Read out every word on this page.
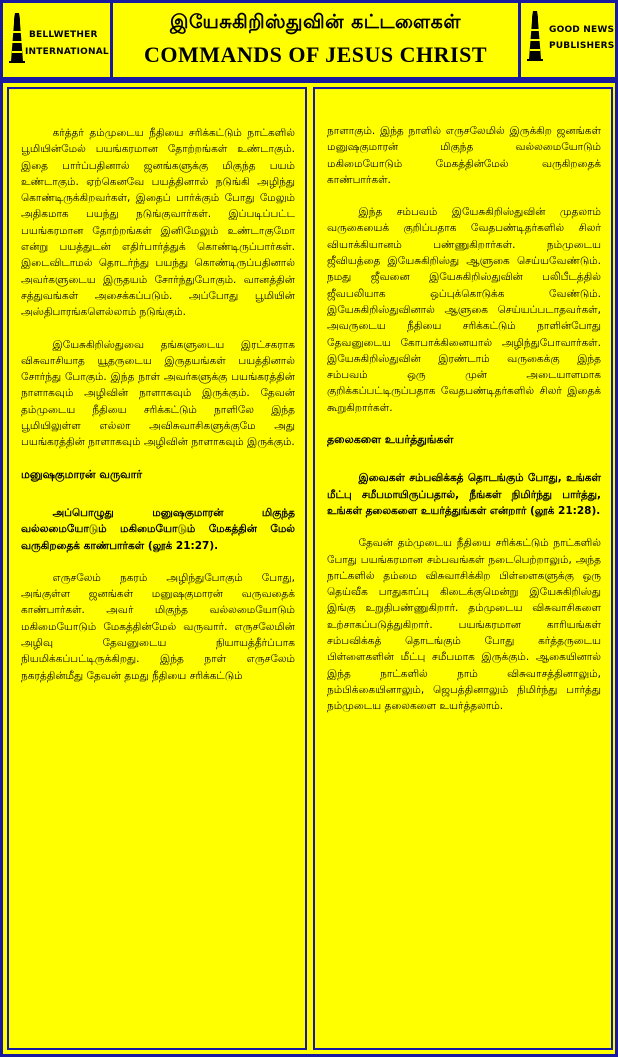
BELLWETHER
INTERNATIONAL
இயேசுகிறிஸ்துவின் கட்டளைகள்
COMMANDS OF JESUS CHRIST
GOOD NEWS
PUBLISHERS

கர்த்தர் தம்முடைய நீதியை சரிக்கட்டும் நாட்களில் பூமியின்மேல் பயங்கரமான தோற்றங்கள் உண்டாகும். இதை பார்ப்பதினால் ஜனங்களுக்கு மிகுந்த பயம் உண்டாகும். ஏற்கெனவே பயத்தினால் நடுங்கி அழிந்து கொண்டிருக்கிறவர்கள், இதைப் பார்க்கும் போது மேலும் அதிகமாக பயந்து நடுங்குவார்கள். இப்படிப்பட்ட பயங்கரமான தோற்றங்கள் இனிமேலும் உண்டாகுமோ என்று பயத்துடன் எதிர்பார்த்துக் கொண்டிருப்பார்கள். இடைவிடாமல் தொடர்ந்து பயந்து கொண்டிருப்பதினால் அவர்களுடைய இருதயம் சோர்ந்துபோகும். வானத்தின் சத்துவங்கள் அசைக்கப்படும். அப்போது பூமியின் அஸ்திபாரங்களெல்லாம் நடுங்கும்.

இயேசுகிறிஸ்துவை தங்களுடைய இரட்சகராக விசுவாசியாத யூதருடைய இருதயங்கள் பயத்தினால் சோர்ந்து போகும். இந்த நாள் அவர்களுக்கு பயங்கரத்தின் நாளாகவும் அழிவின் நாளாகவும் இருக்கும். தேவன் தம்முடைய நீதியை சரிக்கட்டும் நாளிலே இந்த பூமியிலுள்ள எல்லா அவிசுவாசிகளுக்குமே அது பயங்கரத்தின் நாளாகவும் அழிவின் நாளாகவும் இருக்கும்.

மனுஷகுமாரன் வருவார்

அப்பொழுது மனுஷகுமாரன் மிகுந்த வல்லமையோடும் மகிமையோடும் மேகத்தின் மேல் வருகிறதைக் காண்பார்கள் (லூக் 21:27).

எருசலேம் நகரம் அழிந்துபோகும் போது, அங்குள்ள ஜனங்கள் மனுஷகுமாரன் வருவதைக் காண்பார்கள். அவர் மிகுந்த வல்லமையோடும் மகிமையோடும் மேகத்தின்மேல் வருவார். எருசலேமின் அழிவு தேவனுடைய நியாயத்தீர்ப்பாக நியமிக்கப்பட்டிருக்கிறது. இந்த நாள் எருசலேம் நகரத்தின்மீது தேவன் தமது நீதியை சரிக்கட்டும்

நாளாகும். இந்த நாளில் எருசலேமில் இருக்கிற ஜனங்கள் மனுஷகுமாரன் மிகுந்த வல்லமையோடும் மகிமையோடும் மேகத்தின்மேல் வருகிறதைக் காண்பார்கள்.

இந்த சம்பவம் இயேசுகிறிஸ்துவின் முதலாம் வருகையைக் குறிப்பதாக வேதபண்டிதர்களில் சிலர் வியாக்கியானம் பண்ணுகிறார்கள். நம்முடைய ஜீவியத்தை இயேசுகிறிஸ்து ஆளுகை செய்யவேண்டும். நமது ஜீவனை இயேசுகிறிஸ்துவின் பலிபீடத்தில் ஜீவபலியாக ஒப்புக்கொடுக்க வேண்டும். இயேசுகிறிஸ்துவினால் ஆளுகை செய்யப்படாதவர்கள், அவருடைய நீதியை சரிக்கட்டும் நாளின்போது தேவனுடைய கோபாக்கினையால் அழிந்துபோவார்கள். இயேசுகிறிஸ்துவின் இரண்டாம் வருகைக்கு இந்த சம்பவம் ஒரு முன் அடையாளமாக குறிக்கப்பட்டிருப்பதாக வேதபண்டிதர்களில் சிலர் இதைக் கூறுகிறார்கள்.

தலைகளை உயர்த்துங்கள்

இவைகள் சம்பவிக்கத் தொடங்கும் போது, உங்கள் மீட்பு சமீபமாயிருப்பதால், நீங்கள் நிமிர்ந்து பார்த்து, உங்கள் தலைகளை உயர்த்துங்கள் என்றார் (லூக் 21:28).

தேவன் தம்முடைய நீதியை சரிக்கட்டும் நாட்களில் போது பயங்கரமான சம்பவங்கள் நடைபெற்றாலும், அந்த நாட்களில் தம்மை விசுவாசிக்கிற பிள்ளைகளுக்கு ஒரு தெய்வீக பாதுகாப்பு கிடைக்குமென்று இயேசுகிறிஸ்து இங்கு உறுதிபண்ணுகிறார். தம்முடைய விசுவாசிகளை உற்சாகப்படுத்துகிறார். பயங்கரமான காரியங்கள் சம்பவிக்கத் தொடங்கும் போது கர்த்தருடைய பிள்ளைகளின் மீட்பு சமீபமாக இருக்கும். ஆகையினால் இந்த நாட்களில் நாம் விசுவாசத்தினாலும், நம்பிக்கையினாலும், ஜெபத்தினாலும் நிமிர்ந்து பார்த்து நம்முடைய தலைகளை உயர்த்தலாம்.
